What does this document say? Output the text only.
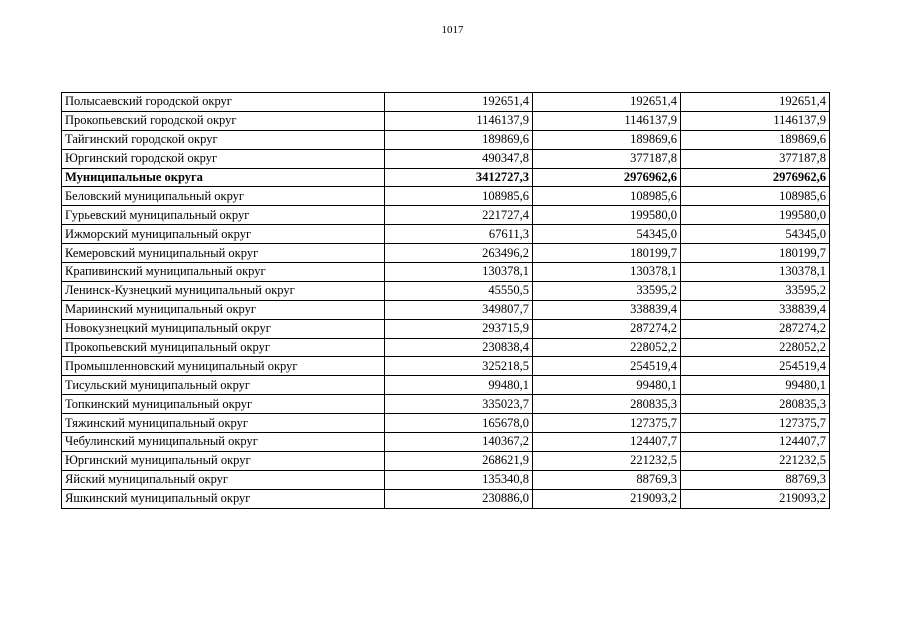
1017
Полысаевский городской округ	192651,4	192651,4	192651,4
Прокопьевский городской округ	1146137,9	1146137,9	1146137,9
Тайгинский городской округ	189869,6	189869,6	189869,6
Юргинский городской округ	490347,8	377187,8	377187,8
Муниципальные округа	3412727,3	2976962,6	2976962,6
Беловский муниципальный округ	108985,6	108985,6	108985,6
Гурьевский муниципальный округ	221727,4	199580,0	199580,0
Ижморский муниципальный округ	67611,3	54345,0	54345,0
Кемеровский муниципальный округ	263496,2	180199,7	180199,7
Крапивинский муниципальный округ	130378,1	130378,1	130378,1
Ленинск-Кузнецкий муниципальный округ	45550,5	33595,2	33595,2
Мариинский муниципальный округ	349807,7	338839,4	338839,4
Новокузнецкий муниципальный округ	293715,9	287274,2	287274,2
Прокопьевский муниципальный округ	230838,4	228052,2	228052,2
Промышленновский муниципальный округ	325218,5	254519,4	254519,4
Тисульский муниципальный округ	99480,1	99480,1	99480,1
Топкинский муниципальный округ	335023,7	280835,3	280835,3
Тяжинский муниципальный округ	165678,0	127375,7	127375,7
Чебулинский муниципальный округ	140367,2	124407,7	124407,7
Юргинский муниципальный округ	268621,9	221232,5	221232,5
Яйский муниципальный округ	135340,8	88769,3	88769,3
Яшкинский муниципальный округ	230886,0	219093,2	219093,2
